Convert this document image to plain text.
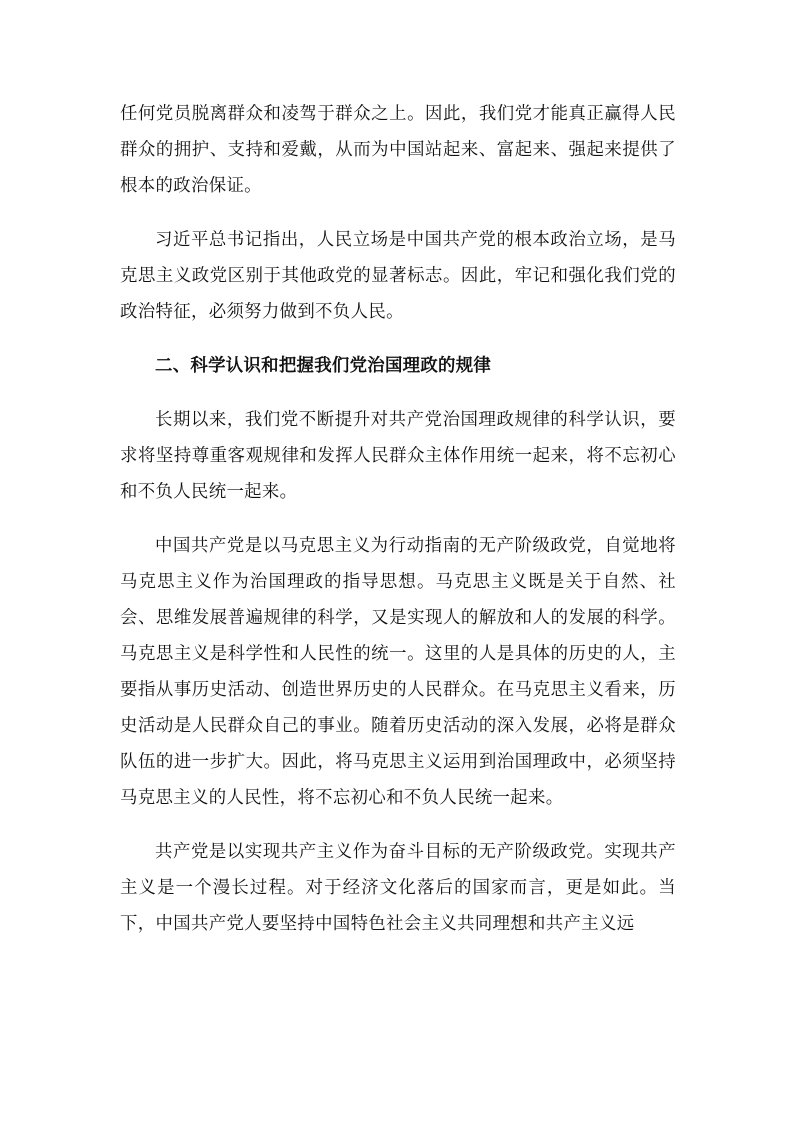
任何党员脱离群众和凌驾于群众之上。因此，我们党才能真正赢得人民群众的拥护、支持和爱戴，从而为中国站起来、富起来、强起来提供了根本的政治保证。

习近平总书记指出，人民立场是中国共产党的根本政治立场，是马克思主义政党区别于其他政党的显著标志。因此，牢记和强化我们党的政治特征，必须努力做到不负人民。

二、科学认识和把握我们党治国理政的规律

长期以来，我们党不断提升对共产党治国理政规律的科学认识，要求将坚持尊重客观规律和发挥人民群众主体作用统一起来，将不忘初心和不负人民统一起来。

中国共产党是以马克思主义为行动指南的无产阶级政党，自觉地将马克思主义作为治国理政的指导思想。马克思主义既是关于自然、社会、思维发展普遍规律的科学，又是实现人的解放和人的发展的科学。马克思主义是科学性和人民性的统一。这里的人是具体的历史的人，主要指从事历史活动、创造世界历史的人民群众。在马克思主义看来，历史活动是人民群众自己的事业。随着历史活动的深入发展，必将是群众队伍的进一步扩大。因此，将马克思主义运用到治国理政中，必须坚持马克思主义的人民性，将不忘初心和不负人民统一起来。

共产党是以实现共产主义作为奋斗目标的无产阶级政党。实现共产主义是一个漫长过程。对于经济文化落后的国家而言，更是如此。当下，中国共产党人要坚持中国特色社会主义共同理想和共产主义远
